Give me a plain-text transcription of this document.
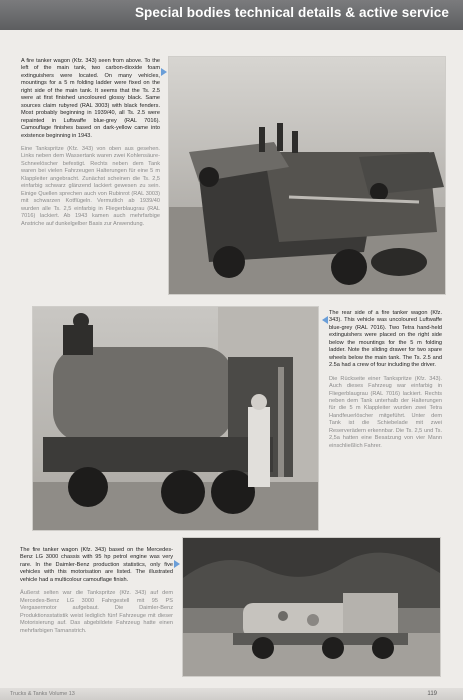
Special bodies technical details & active service
A fire tanker wagon (Kfz. 343) seen from above. To the left of the main tank, two carbon-dioxide foam extinguishers were located. On many vehicles, mountings for a 5 m folding ladder were fixed on the right side of the main tank. It seems that the Ts. 2.5 were at first finished uncoloured glossy black. Same sources claim rubyred (RAL 3003) with black fenders. Most probably beginning in 1939/40, all Ts. 2.5 were repainted in Luftwaffe blue-grey (RAL 7016). Camouflage finishes based on dark-yellow came into existence beginning in 1943.
Eine Tankspritze (Kfz. 343) von oben aus gesehen. Links neben dem Wassertank waren zwei Kohlensäure-Schneelöscher befestigt. Rechts neben dem Tank waren bei vielen Fahrzeugen Halterungen für eine 5 m Klappleiter angebracht. Zunächst scheinen die Ts. 2,5 einfarbig schwarz glänzend lackiert gewesen zu sein. Einige Quellen sprechen auch von Rubinrot (RAL 3003) mit schwarzen Kotflügeln. Vermutlich ab 1939/40 wurden alle Ts. 2,5 einfarbig in Fliegerblaugrau (RAL 7016) lackiert. Ab 1943 kamen auch mehrfarbige Anstriche auf dunkelgelber Basis zur Anwendung.
The rear side of a fire tanker wagon (Kfz. 343). This vehicle was uncoloured Luftwaffe blue-grey (RAL 7016). Two Tetra hand-held extinguishers were placed on the right side below the mountings for the 5 m folding ladder. Note the sliding drawer for two spare wheels below the main tank. The Ts. 2.5 and 2.5a had a crew of four including the driver.
Die Rückseite einer Tankspritze (Kfz. 343). Auch dieses Fahrzeug war einfarbig in Fliegerblaugrau (RAL 7016) lackiert. Rechts neben dem Tank unterhalb der Halterungen für die 5 m Klappleiter wurden zwei Tetra Handfeuerlöscher mitgeführt. Unter dem Tank ist die Schiebelade mit zwei Reserverädern erkennbar. Die Ts. 2,5 und Ts. 2,5a hatten eine Besatzung von vier Mann einschließlich Fahrer.
The fire tanker wagon (Kfz. 343) based on the Mercedes-Benz LG 3000 chassis with 95 hp petrol engine was very rare. In the Daimler-Benz production statistics, only five vehicles with this motorisation are listed. The illustrated vehicle had a multicolour camouflage finish.
Äußerst selten war die Tankspritze (Kfz. 343) auf dem Mercedes-Benz LG 3000 Fahrgestell mit 95 PS Vergasermotor aufgebaut. Die Daimler-Benz Produktionsstatistik weist lediglich fünf Fahrzeuge mit dieser Motorisierung auf. Das abgebildete Fahrzeug hatte einen mehrfarbigen Tarnanstrich.
Trucks & Tanks Volume 13	119
